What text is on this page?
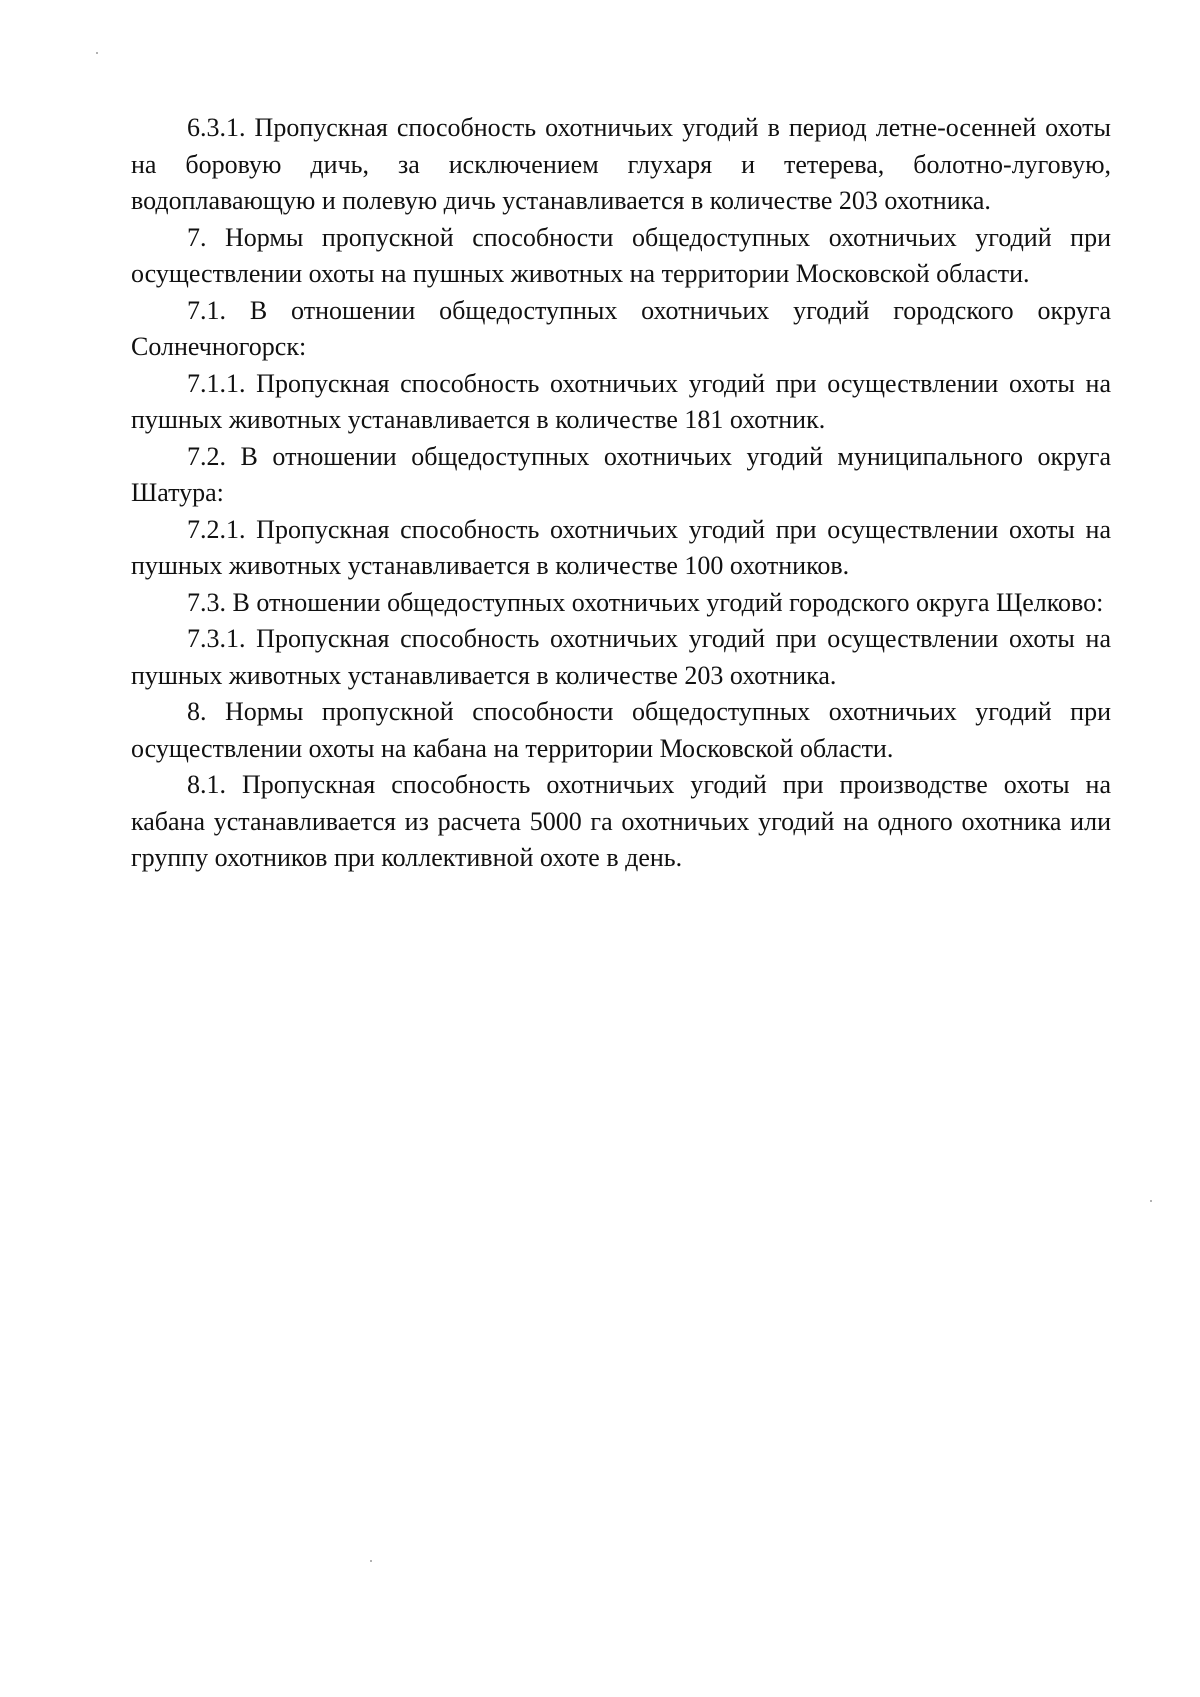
6.3.1. Пропускная способность охотничьих угодий в период летне-осенней охоты на боровую дичь, за исключением глухаря и тетерева, болотно-луговую, водоплавающую и полевую дичь устанавливается в количестве 203 охотника.

7. Нормы пропускной способности общедоступных охотничьих угодий при осуществлении охоты на пушных животных на территории Московской области.

7.1. В отношении общедоступных охотничьих угодий городского округа Солнечногорск:

7.1.1. Пропускная способность охотничьих угодий при осуществлении охоты на пушных животных устанавливается в количестве 181 охотник.

7.2. В отношении общедоступных охотничьих угодий муниципального округа Шатура:

7.2.1. Пропускная способность охотничьих угодий при осуществлении охоты на пушных животных устанавливается в количестве 100 охотников.

7.3. В отношении общедоступных охотничьих угодий городского округа Щелково:

7.3.1. Пропускная способность охотничьих угодий при осуществлении охоты на пушных животных устанавливается в количестве 203 охотника.

8. Нормы пропускной способности общедоступных охотничьих угодий при осуществлении охоты на кабана на территории Московской области.

8.1. Пропускная способность охотничьих угодий при производстве охоты на кабана устанавливается из расчета 5000 га охотничьих угодий на одного охотника или группу охотников при коллективной охоте в день.
